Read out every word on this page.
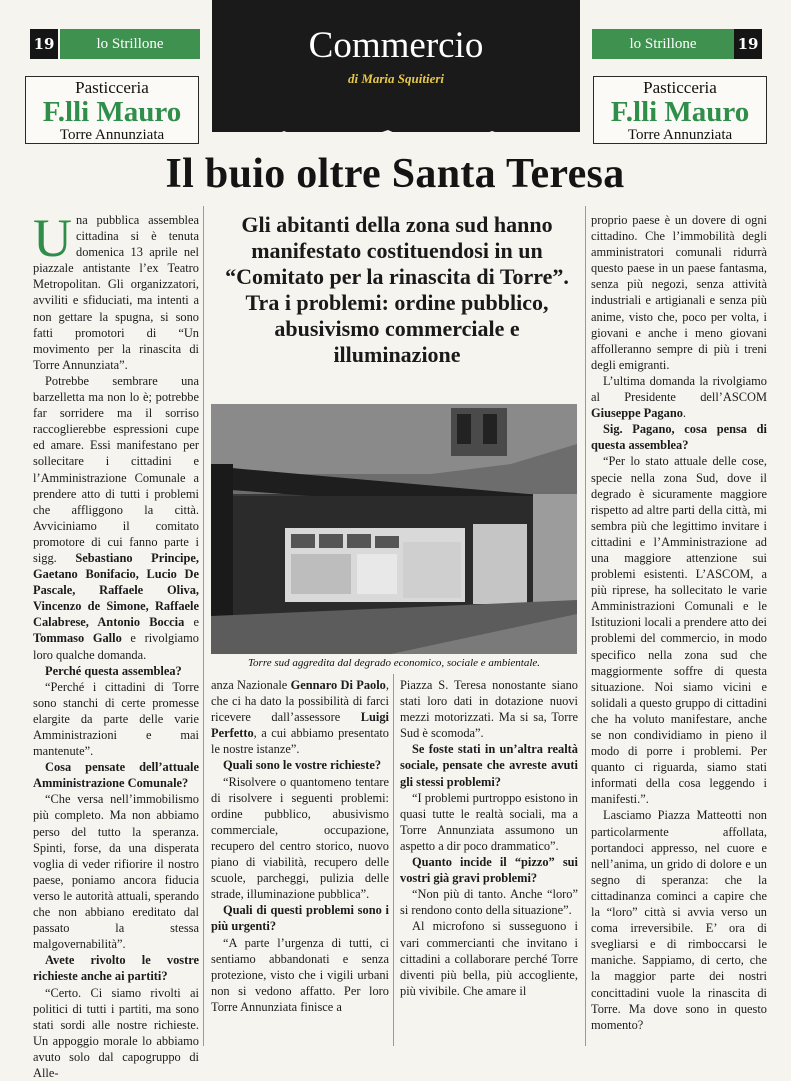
19	lo Strillone
Pasticceria
F.lli Mauro
Torre Annunziata
lo Strillone	19
Pasticceria
F.lli Mauro
Torre Annunziata
Commercio
di Maria Squitieri
Il buio oltre Santa Teresa
Gli abitanti della zona sud hanno manifestato costituendosi in un “Comitato per la rinascita di Torre”. Tra i problemi: ordine pubblico, abusivismo commerciale e illuminazione
Torre sud aggredita dal degrado economico, sociale e ambientale.

Una pubblica assemblea cittadina si è tenuta domenica 13 aprile nel piazzale antistante l’ex Teatro Metropolitan. Gli organizzatori, avviliti e sfiduciati, ma intenti a non gettare la spugna, si sono fatti promotori di “Un movimento per la rinascita di Torre Annunziata”.

Potrebbe sembrare una barzelletta ma non lo è; potrebbe far sorridere ma il sorriso raccoglierebbe espressioni cupe ed amare. Essi manifestano per sollecitare i cittadini e l’Amministrazione Comunale a prendere atto di tutti i problemi che affliggono la città. Avviciniamo il comitato promotore di cui fanno parte i sigg. Sebastiano Principe, Gaetano Bonifacio, Lucio De Pascale, Raffaele Oliva, Vincenzo de Simone, Raffaele Calabrese, Antonio Boccia e Tommaso Gallo e rivolgiamo loro qualche domanda.

Perché questa assemblea?

“Perché i cittadini di Torre sono stanchi di certe promesse elargite da parte delle varie Amministrazioni e mai mantenute”.

Cosa pensate dell’attuale Amministrazione Comunale?

“Che versa nell’immobilismo più completo. Ma non abbiamo perso del tutto la speranza. Spinti, forse, da una disperata voglia di veder rifiorire il nostro paese, poniamo ancora fiducia verso le autorità attuali, sperando che non abbiano ereditato dal passato la stessa malgovernabilità”.

Avete rivolto le vostre richieste anche ai partiti?

“Certo. Ci siamo rivolti ai politici di tutti i partiti, ma sono stati sordi alle nostre richieste. Un appoggio morale lo abbiamo avuto solo dal capogruppo di Alle-

anza Nazionale Gennaro Di Paolo, che ci ha dato la possibilità di farci ricevere dall’assessore Luigi Perfetto, a cui abbiamo presentato le nostre istanze”.

Quali sono le vostre richieste?

“Risolvere o quantomeno tentare di risolvere i seguenti problemi: ordine pubblico, abusivismo commerciale, occupazione, recupero del centro storico, nuovo piano di viabilità, recupero delle scuole, parcheggi, pulizia delle strade, illuminazione pubblica”.

Quali di questi problemi sono i più urgenti?

“A parte l’urgenza di tutti, ci sentiamo abbandonati e senza protezione, visto che i vigili urbani non si vedono affatto. Per loro Torre Annunziata finisce a

Piazza S. Teresa nonostante siano stati loro dati in dotazione nuovi mezzi motorizzati. Ma si sa, Torre Sud è scomoda”.

Se foste stati in un’altra realtà sociale, pensate che avreste avuti gli stessi problemi?

“I problemi purtroppo esistono in quasi tutte le realtà sociali, ma a Torre Annunziata assumono un aspetto a dir poco drammatico”.

Quanto incide il “pizzo” sui vostri già gravi problemi?

“Non più di tanto. Anche “loro” si rendono conto della situazione”.

Al microfono si susseguono i vari commercianti che invitano i cittadini a collaborare perché Torre diventi più bella, più accogliente, più vivibile. Che amare il

proprio paese è un dovere di ogni cittadino. Che l’immobilità degli amministratori comunali ridurrà questo paese in un paese fantasma, senza più negozi, senza attività industriali e artigianali e senza più anime, visto che, poco per volta, i giovani e anche i meno giovani affolleranno sempre di più i treni degli emigranti.

L’ultima domanda la rivolgiamo al Presidente dell’ASCOM Giuseppe Pagano.

Sig. Pagano, cosa pensa di questa assemblea?

“Per lo stato attuale delle cose, specie nella zona Sud, dove il degrado è sicuramente maggiore rispetto ad altre parti della città, mi sembra più che legittimo invitare i cittadini e l’Amministrazione ad una maggiore attenzione sui problemi esistenti. L’ASCOM, a più riprese, ha sollecitato le varie Amministrazioni Comunali e le Istituzioni locali a prendere atto dei problemi del commercio, in modo specifico nella zona sud che maggiormente soffre di questa situazione. Noi siamo vicini e solidali a questo gruppo di cittadini che ha voluto manifestare, anche se non condividiamo in pieno il modo di porre i problemi. Per quanto ci riguarda, siamo stati informati della cosa leggendo i manifesti.”.

Lasciamo Piazza Matteotti non particolarmente affollata, portandoci appresso, nel cuore e nell’anima, un grido di dolore e un segno di speranza: che la cittadinanza cominci a capire che la “loro” città si avvia verso un coma irreversibile. E’ ora di svegliarsi e di rimboccarsi le maniche. Sappiamo, di certo, che la maggior parte dei nostri concittadini vuole la rinascita di Torre. Ma dove sono in questo momento?
